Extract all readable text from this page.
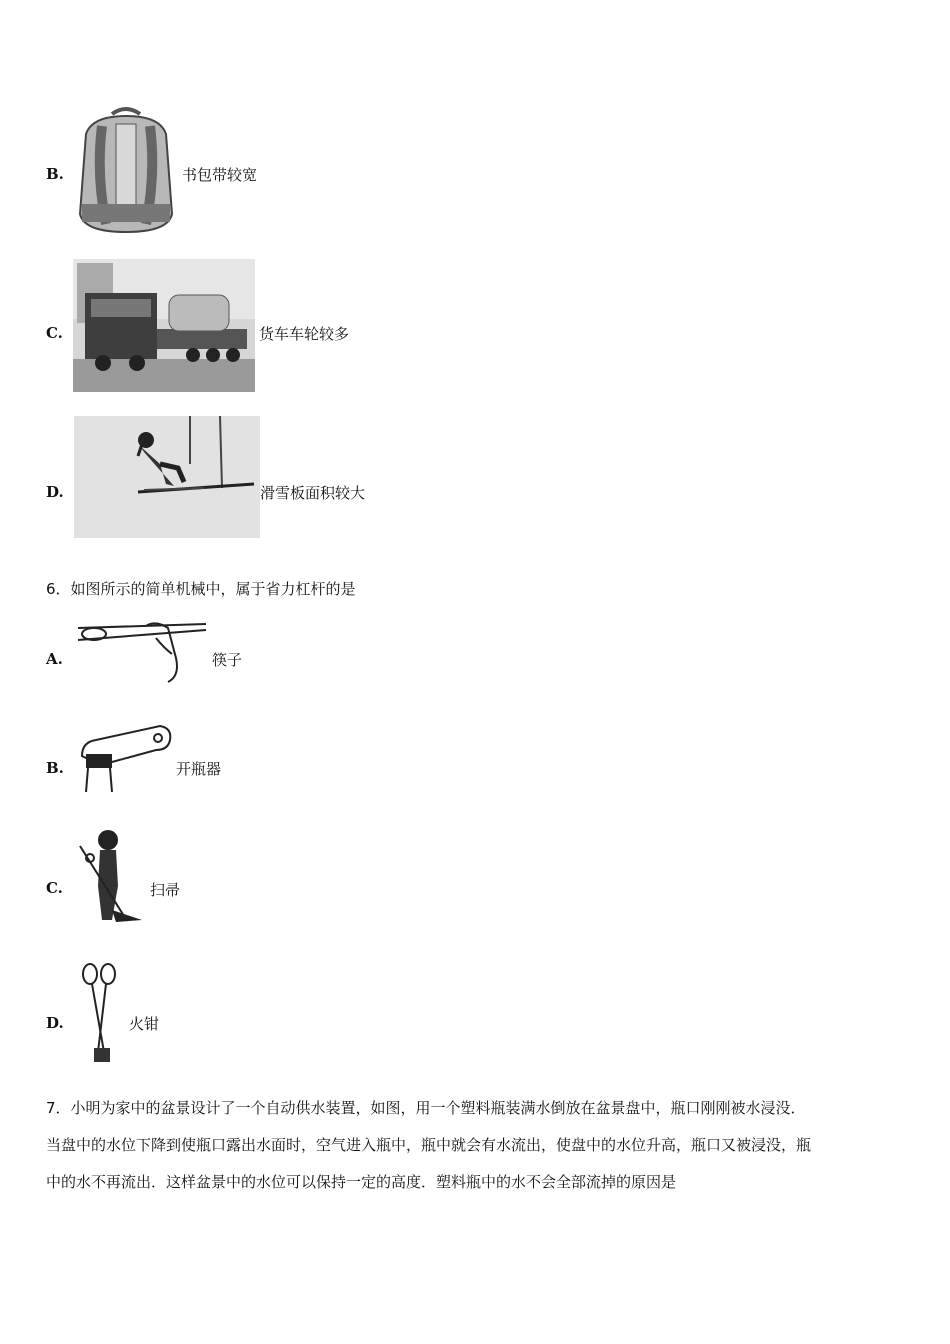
B.	书包带较宽
C.	货车车轮较多
D.	滑雪板面积较大
6．如图所示的简单机械中，属于省力杠杆的是
A.	筷子
B.	开瓶器
C.	扫帚
D.	火钳
7．小明为家中的盆景设计了一个自动供水装置，如图，用一个塑料瓶装满水倒放在盆景盘中，瓶口刚刚被水浸没．
当盘中的水位下降到使瓶口露出水面时，空气进入瓶中，瓶中就会有水流出，使盘中的水位升高，瓶口又被浸没，瓶
中的水不再流出．这样盆景中的水位可以保持一定的高度．塑料瓶中的水不会全部流掉的原因是
